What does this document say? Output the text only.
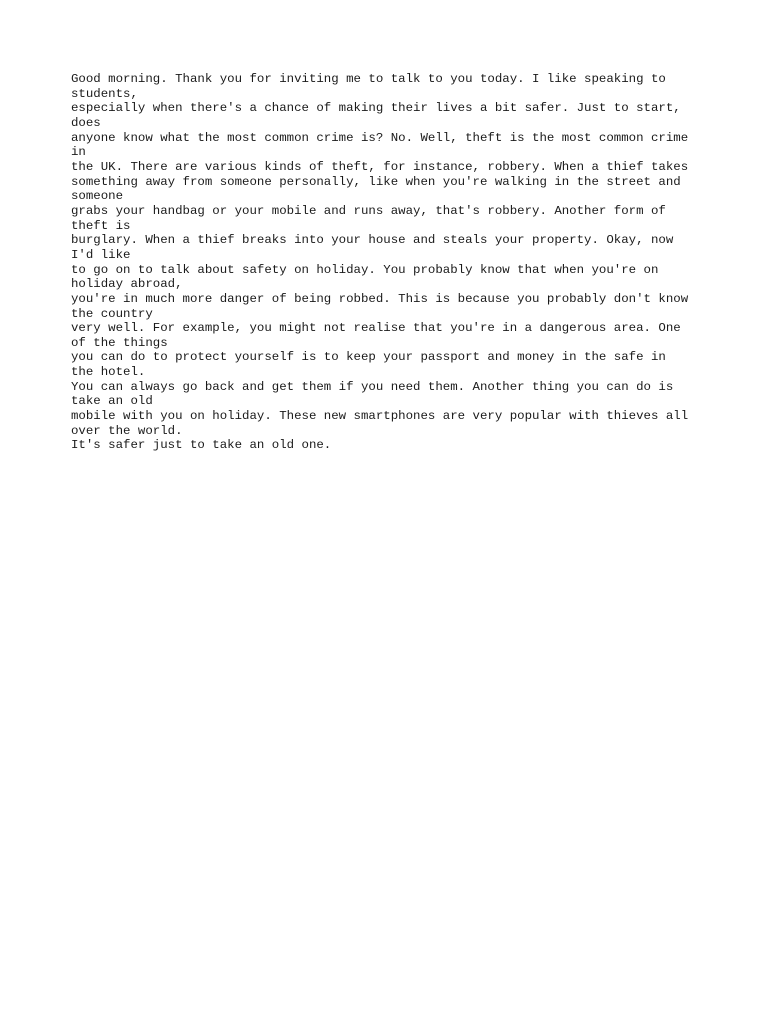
Good morning. Thank you for inviting me to talk to you today. I like speaking to
students,
especially when there's a chance of making their lives a bit safer. Just to start,
does
anyone know what the most common crime is? No. Well, theft is the most common crime
in
the UK. There are various kinds of theft, for instance, robbery. When a thief takes
something away from someone personally, like when you're walking in the street and
someone
grabs your handbag or your mobile and runs away, that's robbery. Another form of
theft is
burglary. When a thief breaks into your house and steals your property. Okay, now
I'd like
to go on to talk about safety on holiday. You probably know that when you're on
holiday abroad,
you're in much more danger of being robbed. This is because you probably don't know
the country
very well. For example, you might not realise that you're in a dangerous area. One
of the things
you can do to protect yourself is to keep your passport and money in the safe in
the hotel.
You can always go back and get them if you need them. Another thing you can do is
take an old
mobile with you on holiday. These new smartphones are very popular with thieves all
over the world.
It's safer just to take an old one.
